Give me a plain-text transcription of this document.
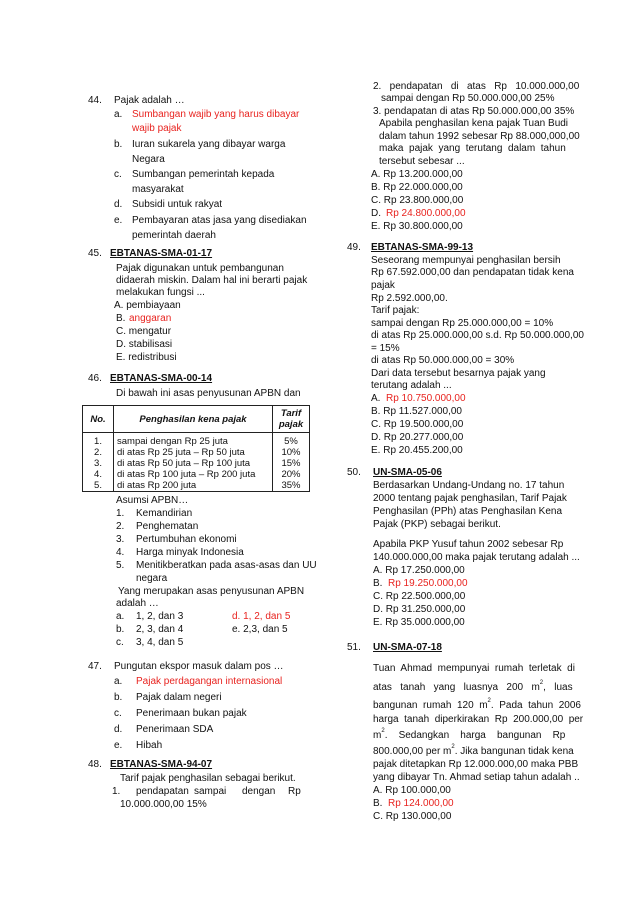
44. Pajak adalah …
a. Sumbangan wajib yang harus dibayar
wajib pajak
b. Iuran sukarela yang dibayar warga
Negara
c. Sumbangan pemerintah kepada
masyarakat
d. Subsidi untuk rakyat
e. Pembayaran atas jasa yang disediakan
pemerintah daerah
45. EBTANAS-SMA-01-17
Pajak digunakan untuk pembangunan
didaerah miskin. Dalam hal ini berarti pajak
melakukan fungsi ...
A. pembiayaan
B. anggaran
C. mengatur
D. stabilisasi
E. redistribusi
46. EBTANAS-SMA-00-14
Di bawah ini asas penyusunan APBN dan
No.	Penghasilan kena pajak	Tarif pajak
1.	sampai dengan Rp 25 juta	5%
2.	di atas Rp 25 juta – Rp 50 juta	10%
3.	di atas Rp 50 juta – Rp 100 juta	15%
4.	di atas Rp 100 juta – Rp 200 juta	20%
5.	di atas Rp 200 juta	35%
Asumsi APBN…
1. Kemandirian
2. Penghematan
3. Pertumbuhan ekonomi
4. Harga minyak Indonesia
5. Menitikberatkan pada asas-asas dan UU
negara
Yang merupakan asas penyusunan APBN
adalah …
a. 1, 2, dan 3	d. 1, 2, dan 5
b. 2, 3, dan 4	e. 2,3, dan 5
c. 3, 4, dan 5
47. Pungutan ekspor masuk dalam pos …
a. Pajak perdagangan internasional
b. Pajak dalam negeri
c. Penerimaan bukan pajak
d. Penerimaan SDA
e. Hibah
48. EBTANAS-SMA-94-07
Tarif pajak penghasilan sebagai berikut.
1. pendapatan sampai dengan Rp
10.000.000,00 15%
2.   pendapatan   di   atas   Rp   10.000.000,00
sampai dengan Rp 50.000.000,00 25%
3. pendapatan di atas Rp 50.000.000,00 35%
Apabila penghasilan kena pajak Tuan Budi
dalam tahun 1992 sebesar Rp 88.000,000,00
maka  pajak  yang  terutang  dalam  tahun
tersebut sebesar ...
A. Rp 13.200.000,00
B. Rp 22.000.000,00
C. Rp 23.800.000,00
D. Rp 24.800.000,00
E. Rp 30.800.000,00
49. EBTANAS-SMA-99-13
Seseorang mempunyai penghasilan bersih
Rp 67.592.000,00 dan pendapatan tidak kena
pajak
Rp 2.592.000,00.
Tarif pajak:
sampai dengan Rp 25.000.000,00 = 10%
di atas Rp 25.000.000,00 s.d. Rp 50.000.000,00
= 15%
di atas Rp 50.000.000,00 = 30%
Dari data tersebut besarnya pajak yang
terutang adalah ...
A. Rp 10.750.000,00
B. Rp 11.527.000,00
C. Rp 19.500.000,00
D. Rp 20.277.000,00
E. Rp 20.455.200,00
50. UN-SMA-05-06
Berdasarkan Undang-Undang no. 17 tahun
2000 tentang pajak penghasilan, Tarif Pajak
Penghasilan (PPh) atas Penghasilan Kena
Pajak (PKP) sebagai berikut.
Apabila PKP Yusuf tahun 2002 sebesar Rp
140.000.000,00 maka pajak terutang adalah ...
A. Rp 17.250.000,00
B. Rp 19.250.000,00
C. Rp 22.500.000,00
D. Rp 31.250.000,00
E. Rp 35.000.000,00
51. UN-SMA-07-18
Tuan  Ahmad  mempunyai  rumah  terletak  di
atas   tanah   yang   luasnya   200   $m^2$,   luas
bangunan  rumah  120  $m^2$.  Pada  tahun  2006
harga  tanah  diperkirakan  Rp  200.000,00  per
$m^2$.    Sedangkan    harga    bangunan    Rp
800.000,00 per $m^2$. Jika bangunan tidak kena
pajak ditetapkan Rp 12.000.000,00 maka PBB
yang dibayar Tn. Ahmad setiap tahun adalah ..
A. Rp 100.000,00
B. Rp 124.000,00
C. Rp 130.000,00
